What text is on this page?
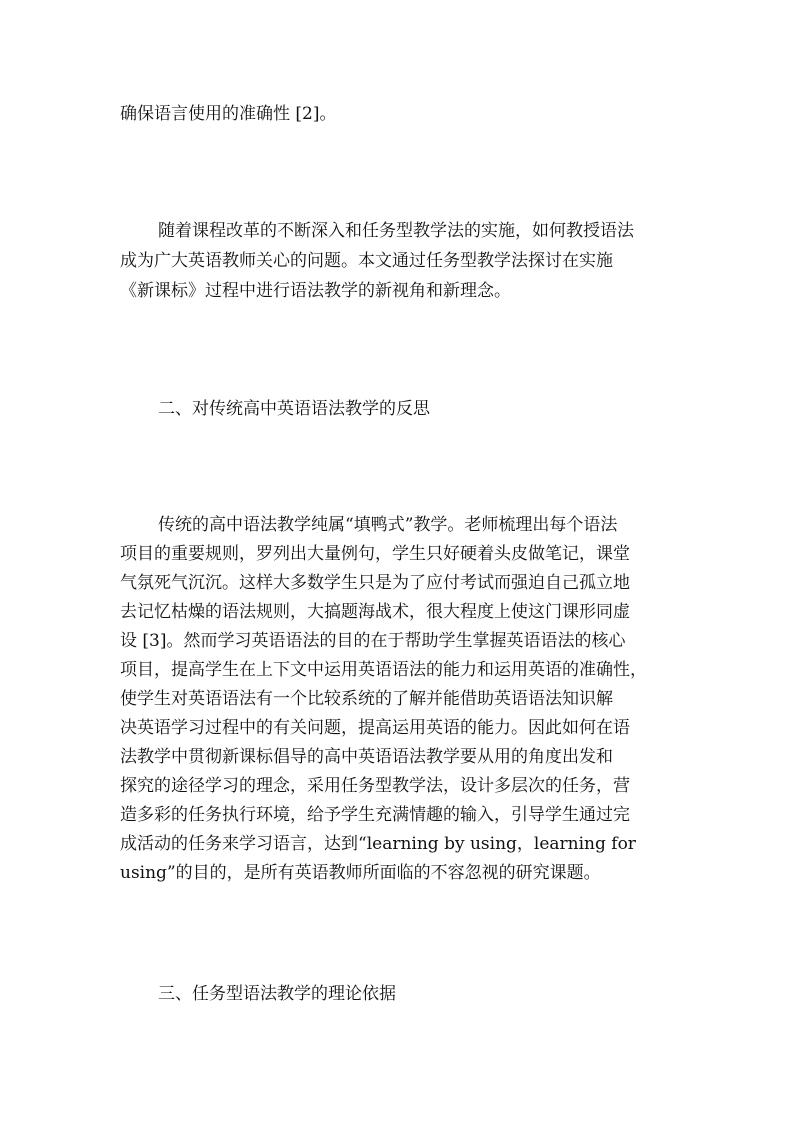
确保语言使用的准确性 [2]。

随着课程改革的不断深入和任务型教学法的实施，如何教授语法

成为广大英语教师关心的问题。本文通过任务型教学法探讨在实施

《新课标》过程中进行语法教学的新视角和新理念。

二、对传统高中英语语法教学的反思

传统的高中语法教学纯属“填鸭式”教学。老师梳理出每个语法

项目的重要规则，罗列出大量例句，学生只好硬着头皮做笔记，课堂

气氛死气沉沉。这样大多数学生只是为了应付考试而强迫自己孤立地

去记忆枯燥的语法规则，大搞题海战术，很大程度上使这门课形同虚

设 [3]。然而学习英语语法的目的在于帮助学生掌握英语语法的核心

项目，提高学生在上下文中运用英语语法的能力和运用英语的准确性，

使学生对英语语法有一个比较系统的了解并能借助英语语法知识解

决英语学习过程中的有关问题，提高运用英语的能力。因此如何在语

法教学中贯彻新课标倡导的高中英语语法教学要从用的角度出发和

探究的途径学习的理念，采用任务型教学法，设计多层次的任务，营

造多彩的任务执行环境，给予学生充满情趣的输入，引导学生通过完

成活动的任务来学习语言，达到“learning by using，learning for

using”的目的，是所有英语教师所面临的不容忽视的研究课题。

三、任务型语法教学的理论依据
